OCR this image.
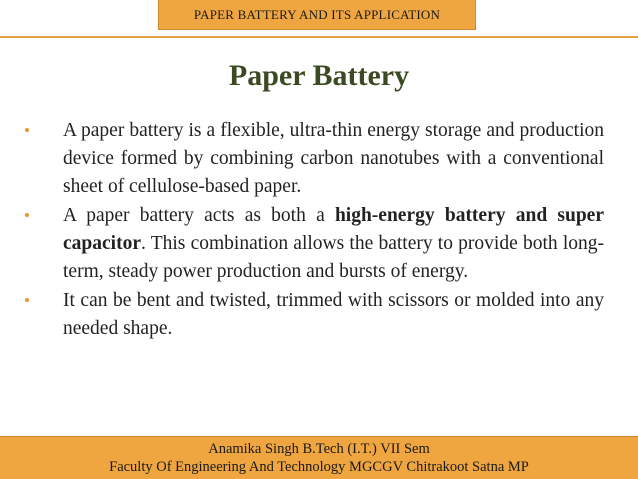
PAPER BATTERY AND ITS APPLICATION
Paper Battery

• A paper battery is a flexible, ultra-thin energy storage and production device formed by combining carbon nanotubes with a conventional sheet of cellulose-based paper.

• A paper battery acts as both a high-energy battery and super capacitor. This combination allows the battery to provide both long-term, steady power production and bursts of energy.

• It can be bent and twisted, trimmed with scissors or molded into any needed shape.

Anamika Singh B.Tech (I.T.) VII Sem
Faculty Of Engineering And Technology MGCGV Chitrakoot Satna MP
